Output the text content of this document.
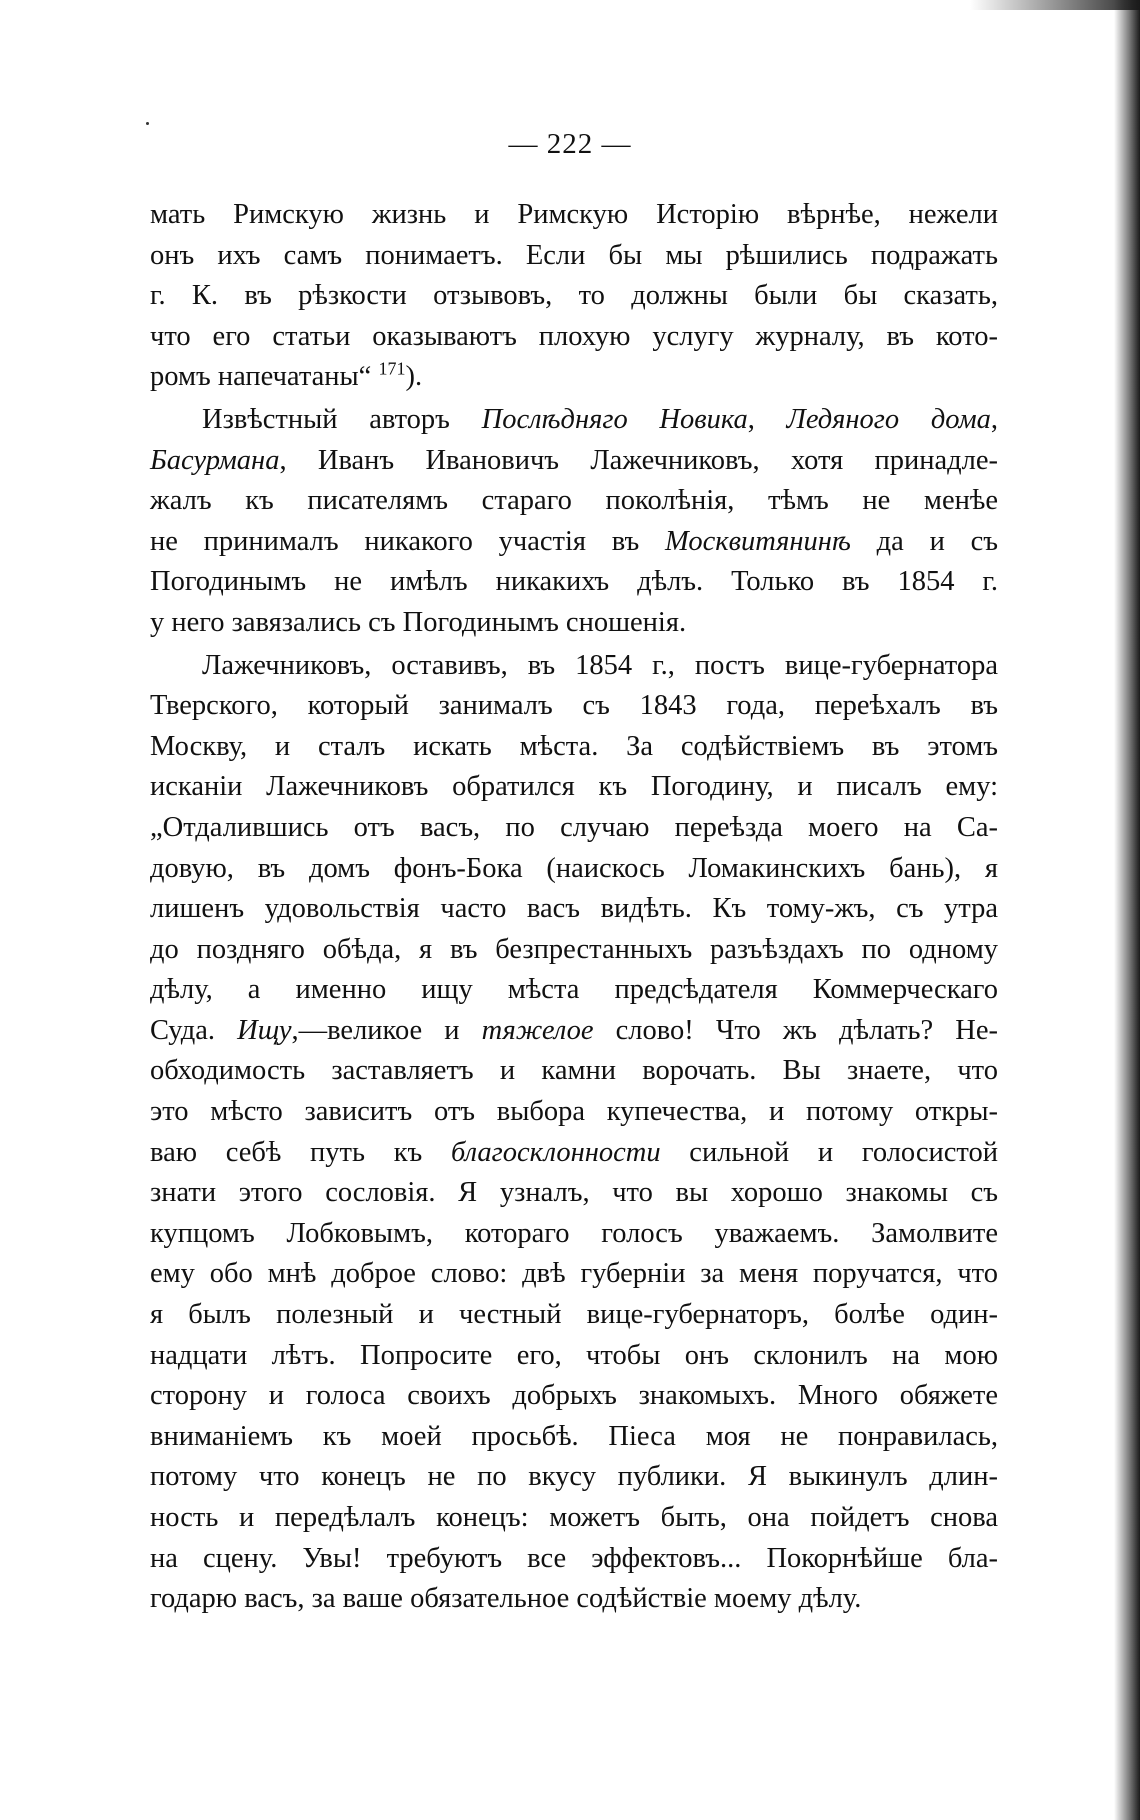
— 222 —
мать Римскую жизнь и Римскую Исторію вѣрнѣе, нежели
онъ ихъ самъ понимаетъ. Если бы мы рѣшились подражать
г. К. въ рѣзкости отзывовъ, то должны были бы сказать,
что его статьи оказываютъ плохую услугу журналу, въ кото-
ромъ напечатаны“ $^{171}$).
Извѣстный авторъ Послѣдняго Новика, Ледяного дома,
Басурмана, Иванъ Ивановичъ Лажечниковъ, хотя принадле-
жалъ къ писателямъ стараго поколѣнія, тѣмъ не менѣе
не принималъ никакого участія въ Москвитянинѣ да и съ
Погодинымъ не имѣлъ никакихъ дѣлъ. Только въ 1854 г.
у него завязались съ Погодинымъ сношенія.
Лажечниковъ, оставивъ, въ 1854 г., постъ вице-губернатора
Тверского, который занималъ съ 1843 года, переѣхалъ въ
Москву, и сталъ искать мѣста. За содѣйствіемъ въ этомъ
исканіи Лажечниковъ обратился къ Погодину, и писалъ ему:
„Отдалившись отъ васъ, по случаю переѣзда моего на Са-
довую, въ домъ фонъ-Бока (наискось Ломакинскихъ бань), я
лишенъ удовольствія часто васъ видѣть. Къ тому-жъ, съ утра
до поздняго обѣда, я въ безпрестанныхъ разъѣздахъ по одному
дѣлу, а именно ищу мѣста предсѣдателя Коммерческаго
Суда. Ищу,—великое и тяжелое слово! Что жъ дѣлать? Не-
обходимость заставляетъ и камни ворочать. Вы знаете, что
это мѣсто зависитъ отъ выбора купечества, и потому откры-
ваю себѣ путь къ благосклонности сильной и голосистой
знати этого сословія. Я узналъ, что вы хорошо знакомы съ
купцомъ Лобковымъ, котораго голосъ уважаемъ. Замолвите
ему обо мнѣ доброе слово: двѣ губерніи за меня поручатся, что
я былъ полезный и честный вице-губернаторъ, болѣе один-
надцати лѣтъ. Попросите его, чтобы онъ склонилъ на мою
сторону и голоса своихъ добрыхъ знакомыхъ. Много обяжете
вниманіемъ къ моей просьбѣ. Піеса моя не понравилась,
потому что конецъ не по вкусу публики. Я выкинулъ длин-
ность и передѣлалъ конецъ: можетъ быть, она пойдетъ снова
на сцену. Увы! требуютъ все эффектовъ... Покорнѣйше бла-
годарю васъ, за ваше обязательное содѣйствіе моему дѣлу.
